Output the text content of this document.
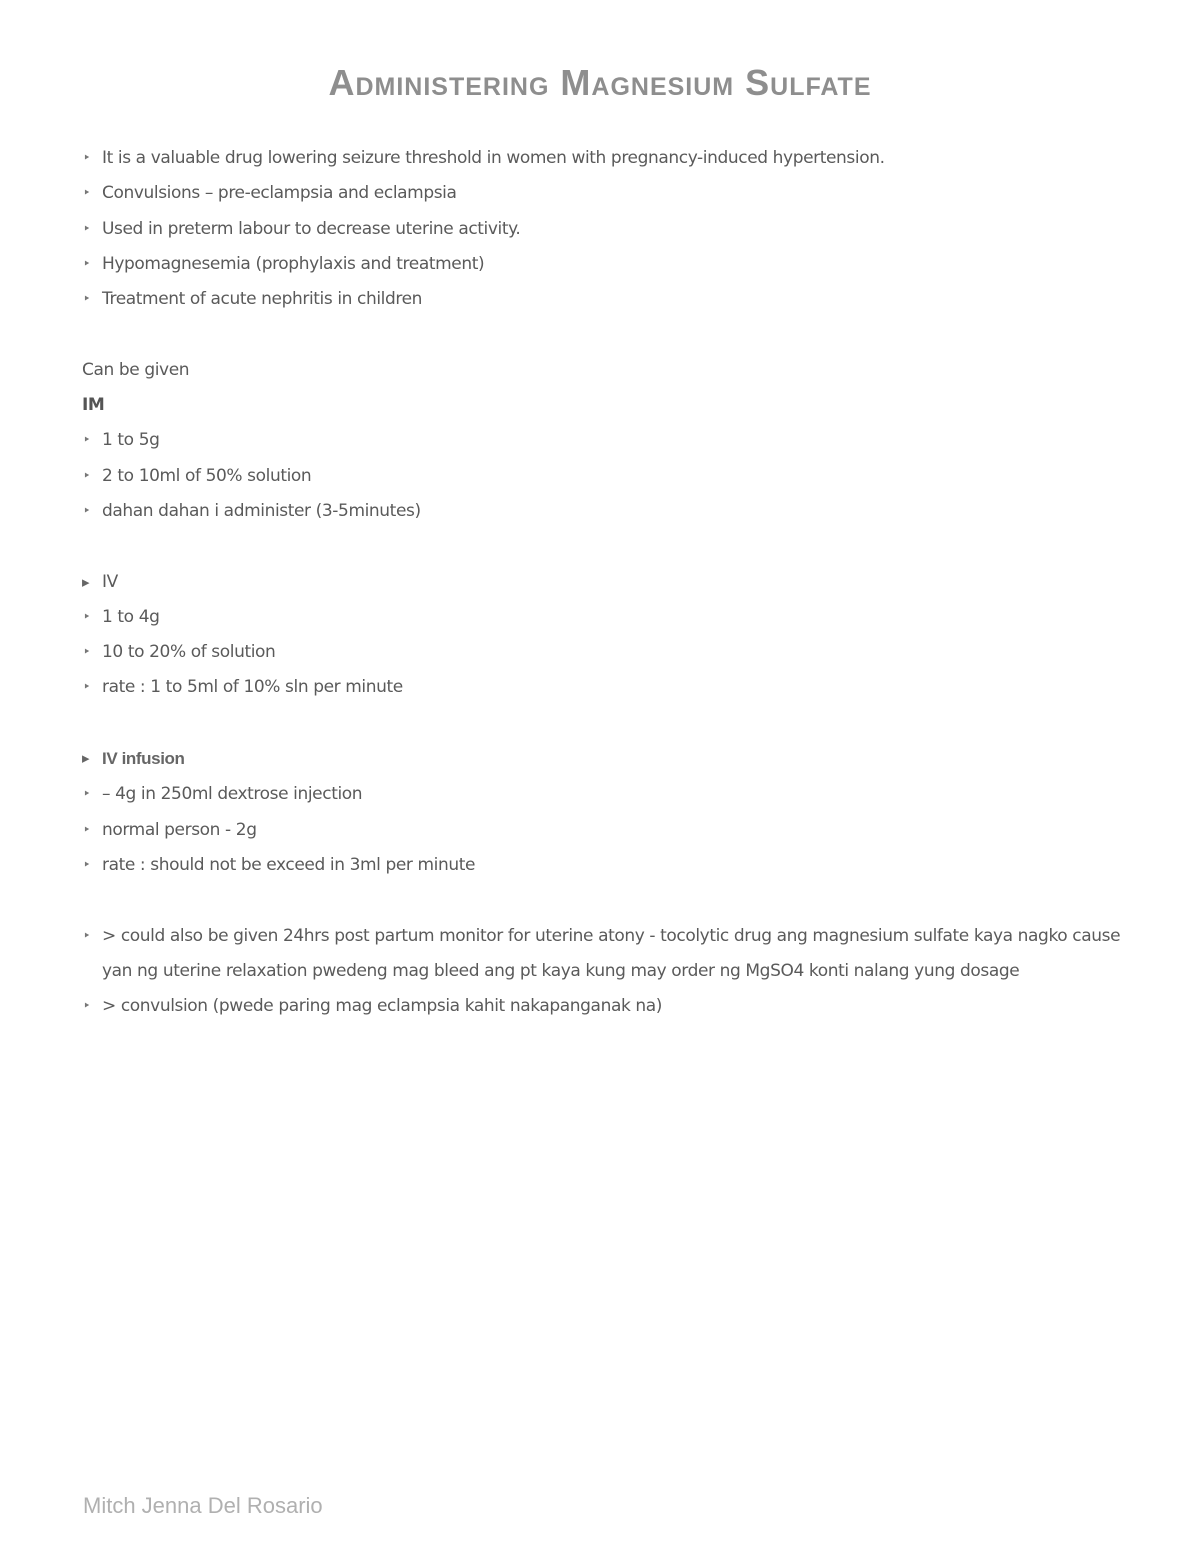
Administering Magnesium Sulfate
‣ It is a valuable drug lowering seizure threshold in women with pregnancy-induced hypertension.
‣ Convulsions – pre-eclampsia and eclampsia
‣ Used in preterm labour to decrease uterine activity.
‣ Hypomagnesemia (prophylaxis and treatment)
‣ Treatment of acute nephritis in children
Can be given
IM
‣ 1 to 5g
‣ 2 to 10ml of 50% solution
‣ dahan dahan i administer (3-5minutes)
▸ IV
‣ 1 to 4g
‣ 10 to 20% of solution
‣ rate : 1 to 5ml of 10% sln per minute
▸ IV infusion
‣ – 4g in 250ml dextrose injection
‣ normal person - 2g
‣ rate : should not be exceed in 3ml per minute
‣ > could also be given 24hrs post partum monitor for uterine atony - tocolytic drug ang magnesium sulfate kaya nagko cause yan ng uterine relaxation pwedeng mag bleed ang pt kaya kung may order ng MgSO4 konti nalang yung dosage
‣ > convulsion (pwede paring mag eclampsia kahit nakapanganak na)
Mitch Jenna Del Rosario
